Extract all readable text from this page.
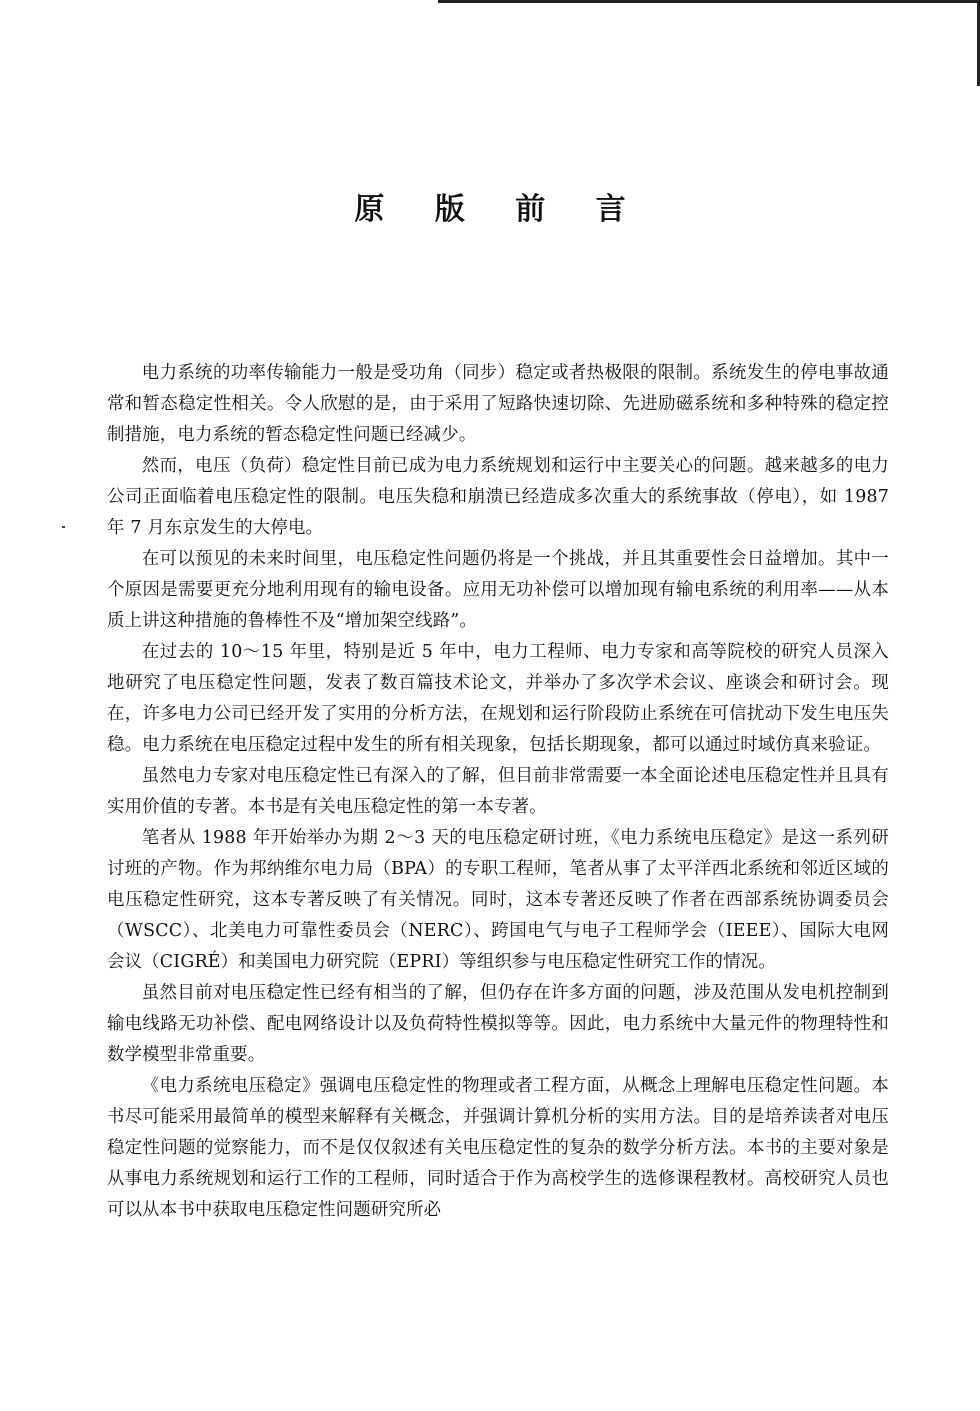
原 版 前 言

电力系统的功率传输能力一般是受功角（同步）稳定或者热极限的限制。系统发生的停电事故通常和暂态稳定性相关。令人欣慰的是，由于采用了短路快速切除、先进励磁系统和多种特殊的稳定控制措施，电力系统的暂态稳定性问题已经减少。

然而，电压（负荷）稳定性目前已成为电力系统规划和运行中主要关心的问题。越来越多的电力公司正面临着电压稳定性的限制。电压失稳和崩溃已经造成多次重大的系统事故（停电），如 1987 年 7 月东京发生的大停电。

在可以预见的未来时间里，电压稳定性问题仍将是一个挑战，并且其重要性会日益增加。其中一个原因是需要更充分地利用现有的输电设备。应用无功补偿可以增加现有输电系统的利用率——从本质上讲这种措施的鲁棒性不及“增加架空线路”。

在过去的 10～15 年里，特别是近 5 年中，电力工程师、电力专家和高等院校的研究人员深入地研究了电压稳定性问题，发表了数百篇技术论文，并举办了多次学术会议、座谈会和研讨会。现在，许多电力公司已经开发了实用的分析方法，在规划和运行阶段防止系统在可信扰动下发生电压失稳。电力系统在电压稳定过程中发生的所有相关现象，包括长期现象，都可以通过时域仿真来验证。

虽然电力专家对电压稳定性已有深入的了解，但目前非常需要一本全面论述电压稳定性并且具有实用价值的专著。本书是有关电压稳定性的第一本专著。

笔者从 1988 年开始举办为期 2～3 天的电压稳定研讨班，《电力系统电压稳定》是这一系列研讨班的产物。作为邦纳维尔电力局（BPA）的专职工程师，笔者从事了太平洋西北系统和邻近区域的电压稳定性研究，这本专著反映了有关情况。同时，这本专著还反映了作者在西部系统协调委员会（WSCC）、北美电力可靠性委员会（NERC）、跨国电气与电子工程师学会（IEEE）、国际大电网会议（CIGRÉ）和美国电力研究院（EPRI）等组织参与电压稳定性研究工作的情况。

虽然目前对电压稳定性已经有相当的了解，但仍存在许多方面的问题，涉及范围从发电机控制到输电线路无功补偿、配电网络设计以及负荷特性模拟等等。因此，电力系统中大量元件的物理特性和数学模型非常重要。

《电力系统电压稳定》强调电压稳定性的物理或者工程方面，从概念上理解电压稳定性问题。本书尽可能采用最简单的模型来解释有关概念，并强调计算机分析的实用方法。目的是培养读者对电压稳定性问题的觉察能力，而不是仅仅叙述有关电压稳定性的复杂的数学分析方法。本书的主要对象是从事电力系统规划和运行工作的工程师，同时适合于作为高校学生的选修课程教材。高校研究人员也可以从本书中获取电压稳定性问题研究所必
